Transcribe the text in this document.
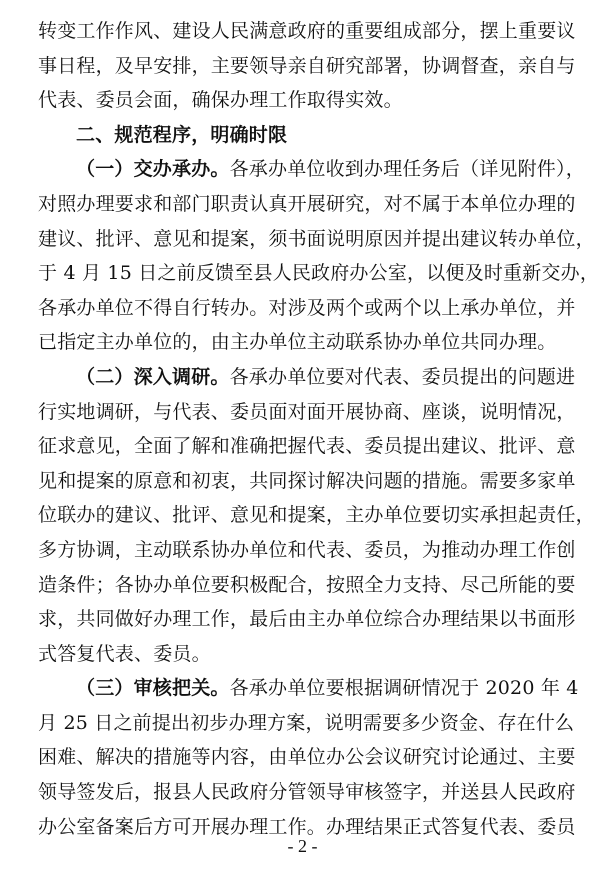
转变工作作风、建设人民满意政府的重要组成部分，摆上重要议
事日程，及早安排，主要领导亲自研究部署，协调督查，亲自与
代表、委员会面，确保办理工作取得实效。
二、规范程序，明确时限
（一）交办承办。各承办单位收到办理任务后（详见附件），
对照办理要求和部门职责认真开展研究，对不属于本单位办理的
建议、批评、意见和提案，须书面说明原因并提出建议转办单位，
于 4 月 15 日之前反馈至县人民政府办公室，以便及时重新交办，
各承办单位不得自行转办。对涉及两个或两个以上承办单位，并
已指定主办单位的，由主办单位主动联系协办单位共同办理。
（二）深入调研。各承办单位要对代表、委员提出的问题进
行实地调研，与代表、委员面对面开展协商、座谈，说明情况，
征求意见，全面了解和准确把握代表、委员提出建议、批评、意
见和提案的原意和初衷，共同探讨解决问题的措施。需要多家单
位联办的建议、批评、意见和提案，主办单位要切实承担起责任，
多方协调，主动联系协办单位和代表、委员，为推动办理工作创
造条件；各协办单位要积极配合，按照全力支持、尽己所能的要
求，共同做好办理工作，最后由主办单位综合办理结果以书面形
式答复代表、委员。
（三）审核把关。各承办单位要根据调研情况于 2020 年 4
月 25 日之前提出初步办理方案，说明需要多少资金、存在什么
困难、解决的措施等内容，由单位办公会议研究讨论通过、主要
领导签发后，报县人民政府分管领导审核签字，并送县人民政府
办公室备案后方可开展办理工作。办理结果正式答复代表、委员
- 2 -
